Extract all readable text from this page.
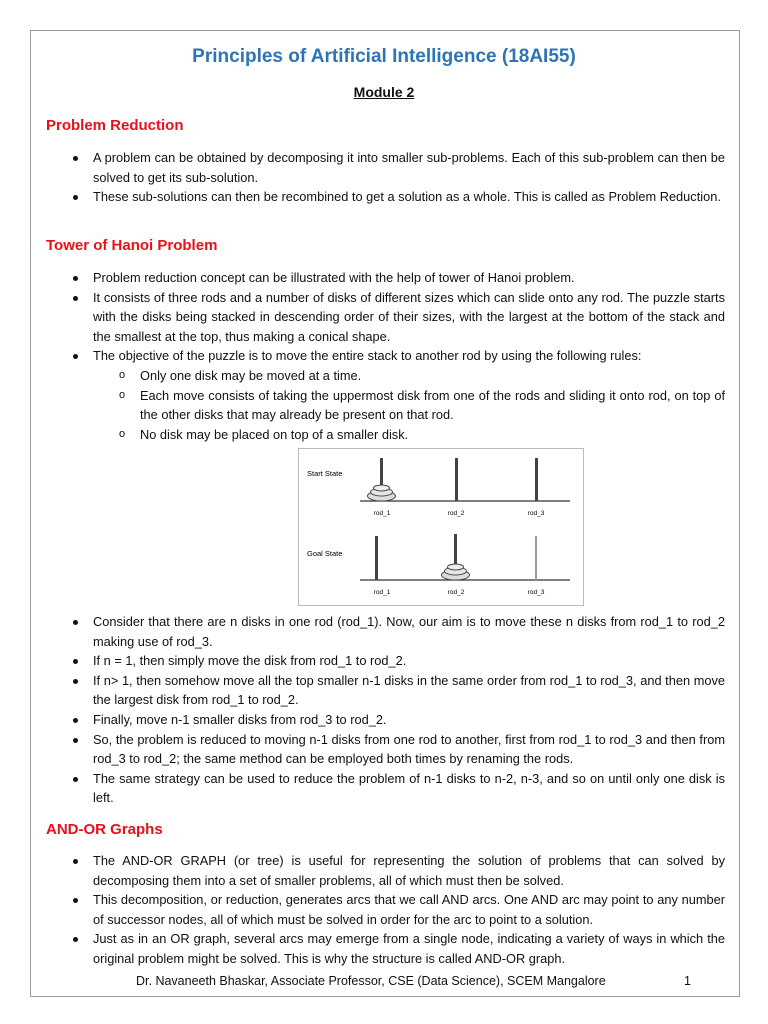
Principles of Artificial Intelligence (18AI55)
Module 2
Problem Reduction
A problem can be obtained by decomposing it into smaller sub-problems. Each of this sub-problem can then be solved to get its sub-solution.
These sub-solutions can then be recombined to get a solution as a whole. This is called as Problem Reduction.
Tower of Hanoi Problem
Problem reduction concept can be illustrated with the help of tower of Hanoi problem.
It consists of three rods and a number of disks of different sizes which can slide onto any rod. The puzzle starts with the disks being stacked in descending order of their sizes, with the largest at the bottom of the stack and the smallest at the top, thus making a conical shape.
The objective of the puzzle is to move the entire stack to another rod by using the following rules:
o Only one disk may be moved at a time.
o Each move consists of taking the uppermost disk from one of the rods and sliding it onto rod, on top of the other disks that may already be present on that rod.
o No disk may be placed on top of a smaller disk.
Start State
Goal State
rod_1	rod_2	rod_3
rod_1	rod_2	rod_3
Consider that there are n disks in one rod (rod_1). Now, our aim is to move these n disks from rod_1 to rod_2 making use of rod_3.
If n = 1, then simply move the disk from rod_1 to rod_2.
If n> 1, then somehow move all the top smaller n-1 disks in the same order from rod_1 to rod_3, and then move the largest disk from rod_1 to rod_2.
Finally, move n-1 smaller disks from rod_3 to rod_2.
So, the problem is reduced to moving n-1 disks from one rod to another, first from rod_1 to rod_3 and then from rod_3 to rod_2; the same method can be employed both times by renaming the rods.
The same strategy can be used to reduce the problem of n-1 disks to n-2, n-3, and so on until only one disk is left.
AND-OR Graphs
The AND-OR GRAPH (or tree) is useful for representing the solution of problems that can solved by decomposing them into a set of smaller problems, all of which must then be solved.
This decomposition, or reduction, generates arcs that we call AND arcs. One AND arc may point to any number of successor nodes, all of which must be solved in order for the arc to point to a solution.
Just as in an OR graph, several arcs may emerge from a single node, indicating a variety of ways in which the original problem might be solved. This is why the structure is called AND-OR graph.
Dr. Navaneeth Bhaskar, Associate Professor, CSE (Data Science), SCEM Mangalore	1
